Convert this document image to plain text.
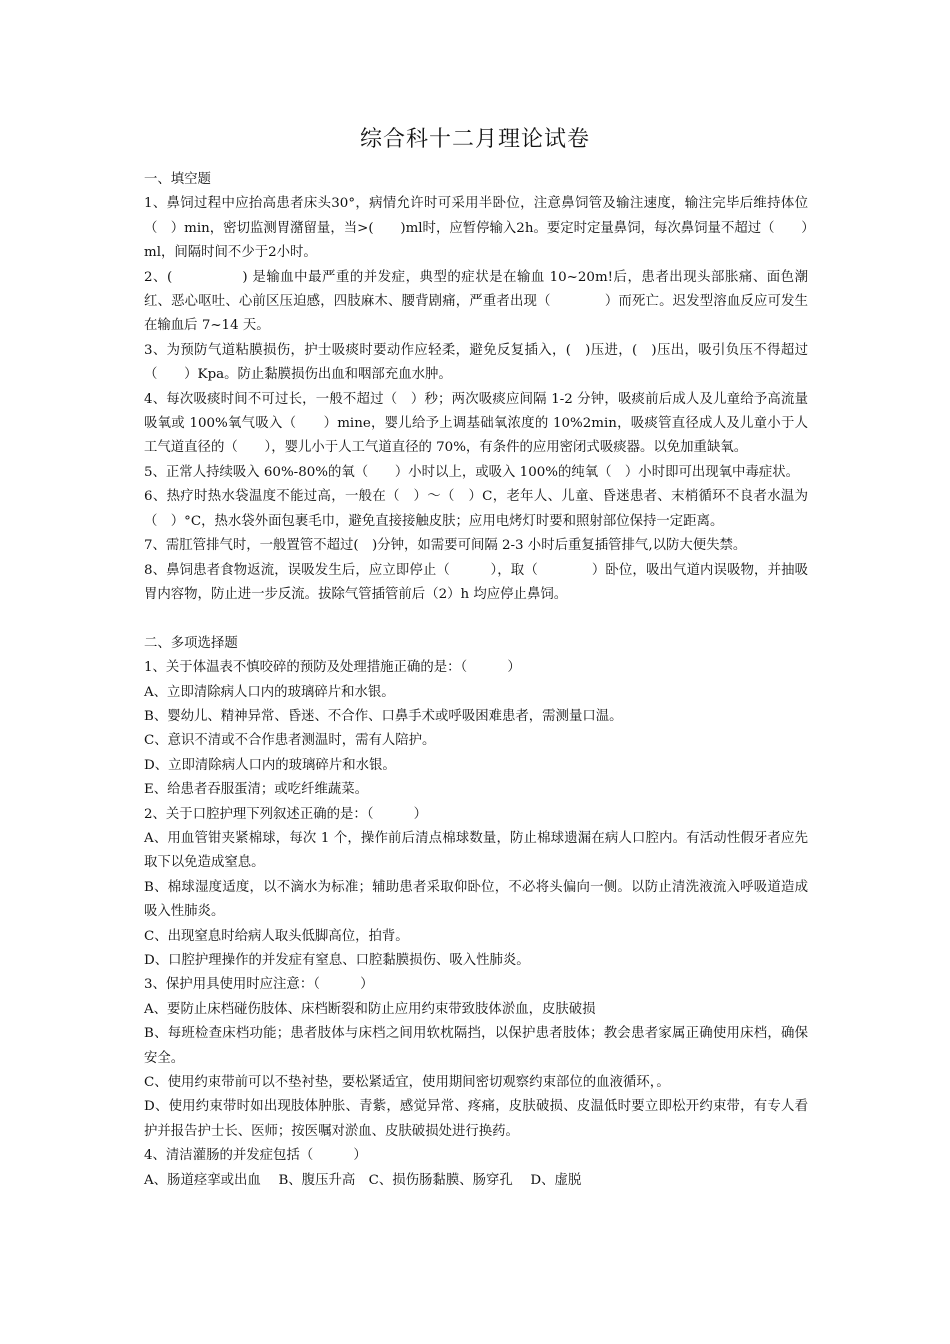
综合科十二月理论试卷

一、填空题

1、鼻饲过程中应抬高患者床头30°，病情允许时可采用半卧位，注意鼻饲管及输注速度，输注完毕后维持体位（　）min，密切监测胃潴留量，当>(　　)ml时，应暂停输入2h。要定时定量鼻饲，每次鼻饲量不超过（　　）ml，间隔时间不少于2小时。

2、(　　　　　) 是输血中最严重的并发症，典型的症状是在输血 10~20m!后，患者出现头部胀痛、面色潮红、恶心呕吐、心前区压迫感，四肢麻木、腰背剧痛，严重者出现（　　　　）而死亡。迟发型溶血反应可发生在输血后 7~14 天。

3、为预防气道粘膜损伤，护士吸痰时要动作应轻柔，避免反复插入，(　)压进，(　)压出，吸引负压不得超过（　　）Kpa。防止黏膜损伤出血和咽部充血水肿。

4、每次吸痰时间不可过长，一般不超过（　）秒；两次吸痰应间隔 1-2 分钟，吸痰前后成人及儿童给予高流量吸氧或 100%氧气吸入（　　）mine，婴儿给予上调基础氧浓度的 10%2min，吸痰管直径成人及儿童小于人工气道直径的（　　），婴儿小于人工气道直径的 70%，有条件的应用密闭式吸痰器。以免加重缺氧。

5、正常人持续吸入 60%-80%的氧（　　）小时以上，或吸入 100%的纯氧（　）小时即可出现氧中毒症状。

6、热疗时热水袋温度不能过高，一般在（　）～（　）C，老年人、儿童、昏迷患者、末梢循环不良者水温为（　）°C，热水袋外面包裹毛巾，避免直接接触皮肤；应用电烤灯时要和照射部位保持一定距离。

7、需肛管排气时，一般置管不超过(　)分钟，如需要可间隔 2-3 小时后重复插管排气,以防大便失禁。

8、鼻饲患者食物返流，误吸发生后，应立即停止（　　　），取（　　　　）卧位，吸出气道内误吸物，并抽吸胃内容物，防止进一步反流。拔除气管插管前后（2）h 均应停止鼻饲。

二、多项选择题

1、关于体温表不慎咬碎的预防及处理措施正确的是：（　　　）

A、立即清除病人口内的玻璃碎片和水银。

B、婴幼儿、精神异常、昏迷、不合作、口鼻手术或呼吸困难患者，需测量口温。

C、意识不清或不合作患者测温时，需有人陪护。

D、立即清除病人口内的玻璃碎片和水银。

E、给患者吞服蛋清；或吃纤维蔬菜。

2、关于口腔护理下列叙述正确的是：（　　　）

A、用血管钳夹紧棉球，每次 1 个，操作前后清点棉球数量，防止棉球遗漏在病人口腔内。有活动性假牙者应先取下以免造成窒息。

B、棉球湿度适度，以不滴水为标准；辅助患者采取仰卧位，不必将头偏向一侧。以防止清洗液流入呼吸道造成吸入性肺炎。

C、出现窒息时给病人取头低脚高位，拍背。

D、口腔护理操作的并发症有窒息、口腔黏膜损伤、吸入性肺炎。

3、保护用具使用时应注意：（　　　）

A、要防止床档碰伤肢体、床档断裂和防止应用约束带致肢体淤血，皮肤破损

B、每班检查床档功能；患者肢体与床档之间用软枕隔挡，以保护患者肢体；教会患者家属正确使用床档，确保安全。

C、使用约束带前可以不垫衬垫，要松紧适宜，使用期间密切观察约束部位的血液循环，。

D、使用约束带时如出现肢体肿胀、青紫，感觉异常、疼痛，皮肤破损、皮温低时要立即松开约束带，有专人看护并报告护士长、医师；按医嘱对淤血、皮肤破损处进行换药。

4、清洁灌肠的并发症包括（　　　）

A、肠道痉挛或出血　 B、腹压升高　C、损伤肠黏膜、肠穿孔　 D、虚脱
